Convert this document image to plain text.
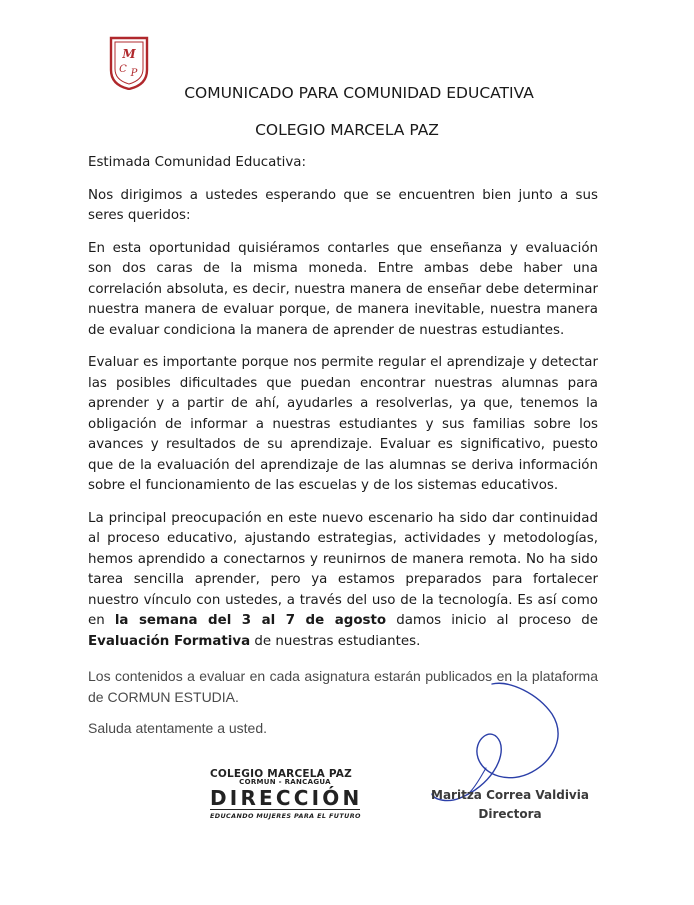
M
C P
COMUNICADO PARA COMUNIDAD EDUCATIVA
COLEGIO MARCELA PAZ

Estimada Comunidad Educativa:

Nos dirigimos a ustedes esperando que se encuentren bien junto a sus seres queridos:

En esta oportunidad quisiéramos contarles que enseñanza y evaluación son dos caras de la misma moneda. Entre ambas debe haber una correlación absoluta, es decir, nuestra manera de enseñar debe determinar nuestra manera de evaluar porque, de manera inevitable, nuestra manera de evaluar condiciona la manera de aprender de nuestras estudiantes.

Evaluar es importante porque nos permite regular el aprendizaje y detectar las posibles dificultades que puedan encontrar nuestras alumnas para aprender y a partir de ahí, ayudarles a resolverlas, ya que, tenemos la obligación de informar a nuestras estudiantes y sus familias sobre los avances y resultados de su aprendizaje. Evaluar es significativo, puesto que de la evaluación del aprendizaje de las alumnas se deriva información sobre el funcionamiento de las escuelas y de los sistemas educativos.

La principal preocupación en este nuevo escenario ha sido dar continuidad al proceso educativo, ajustando estrategias, actividades y metodologías, hemos aprendido a conectarnos y reunirnos de manera remota. No ha sido tarea sencilla aprender, pero ya estamos preparados para fortalecer nuestro vínculo con ustedes, a través del uso de la tecnología. Es así como en la semana del 3 al 7 de agosto damos inicio al proceso de Evaluación Formativa de nuestras estudiantes.

Los contenidos a evaluar en cada asignatura estarán publicados en la plataforma de CORMUN ESTUDIA.

Saluda atentamente a usted.

COLEGIO MARCELA PAZ
CORMUN - RANCAGUA
DIRECCIÓN
EDUCANDO MUJERES PARA EL FUTURO
Maritza Correa Valdivia
Directora
